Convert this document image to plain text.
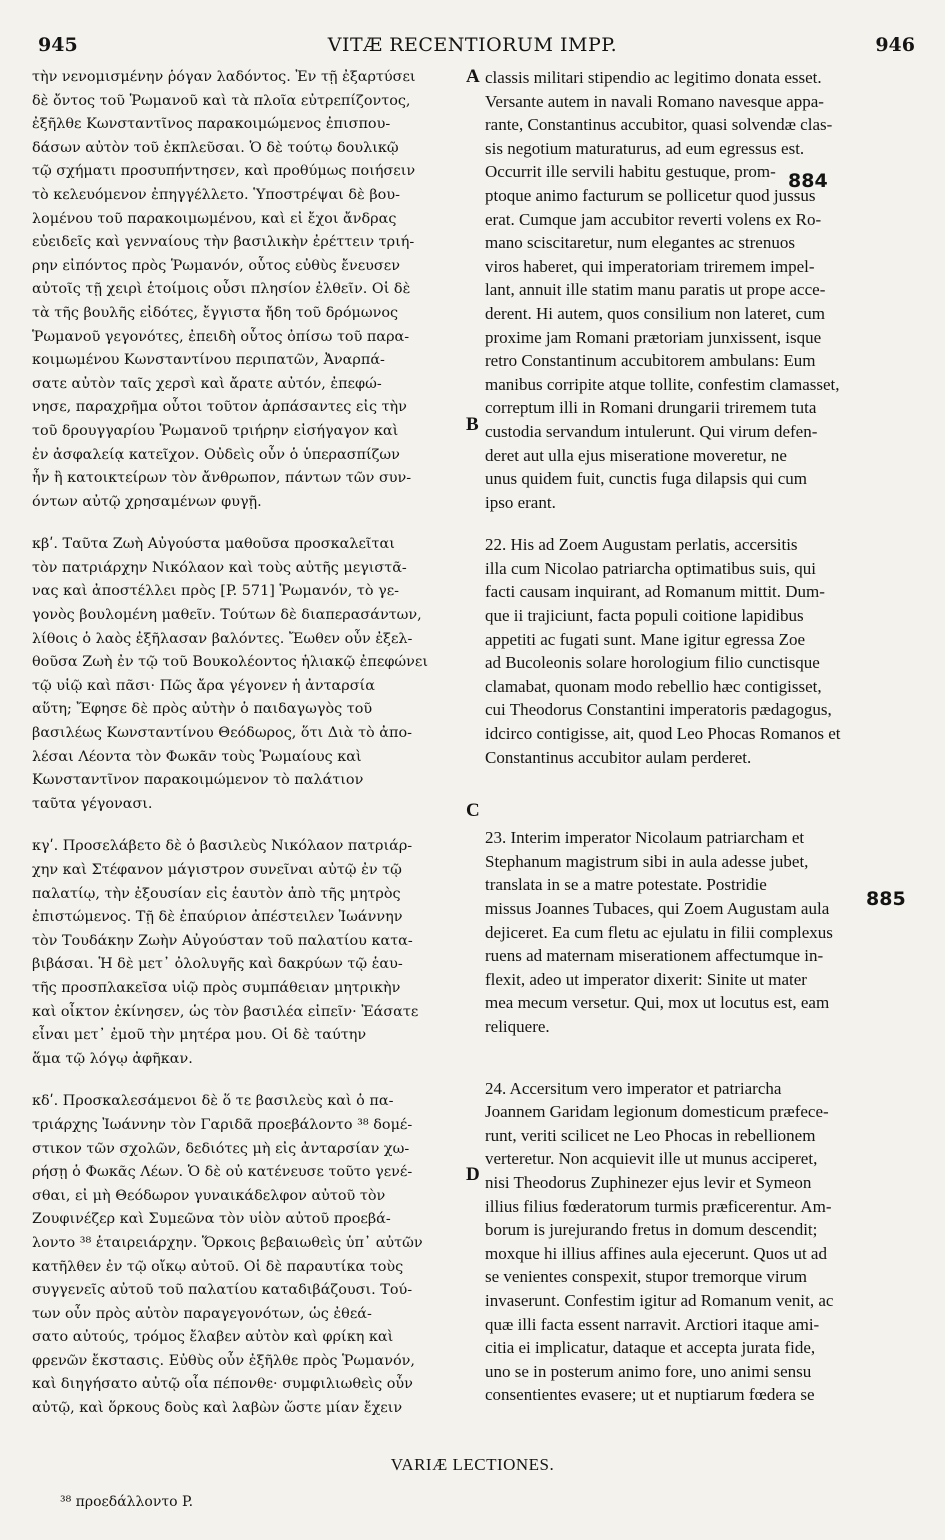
945	VITÆ RECENTIORUM IMPP.	946
τὴν νενομισμένην ῥόγαν λαδόντος. Ἐν τῇ ἐξαρτύσει
δὲ ὄντος τοῦ Ῥωμανοῦ καὶ τὰ πλοῖα εὐτρεπίζοντος,
ἐξῆλθε Κωνσταντῖνος παρακοιμώμενος ἐπισπου-
δάσων αὐτὸν τοῦ ἐκπλεῦσαι. Ὁ δὲ τούτῳ δουλικῷ
τῷ σχήματι προσυπήντησεν, καὶ προθύμως ποιήσειν
τὸ κελευόμενον ἐπηγγέλλετο. Ὑποστρέψαι δὲ βου-
λομένου τοῦ παρακοιμωμένου, καὶ εἰ ἔχοι ἄνδρας
εὐειδεῖς καὶ γενναίους τὴν βασιλικὴν ἐρέττειν τριή-
ρην εἰπόντος πρὸς Ῥωμανόν, οὗτος εὐθὺς ἔνευσεν
αὐτοῖς τῇ χειρὶ ἑτοίμοις οὖσι πλησίον ἐλθεῖν. Οἱ δὲ
τὰ τῆς βουλῆς εἰδότες, ἔγγιστα ἤδη τοῦ δρόμωνος
Ῥωμανοῦ γεγονότες, ἐπειδὴ οὗτος ὀπίσω τοῦ παρα-
κοιμωμένου Κωνσταντίνου περιπατῶν, Ἀναρπά-
σατε αὐτὸν ταῖς χερσὶ καὶ ἄρατε αὐτόν, ἐπεφώ-
νησε, παραχρῆμα οὗτοι τοῦτον ἁρπάσαντες εἰς τὴν
τοῦ δρουγγαρίου Ῥωμανοῦ τριήρην εἰσήγαγον καὶ
ἐν ἀσφαλείᾳ κατεῖχον. Οὐδεὶς οὖν ὁ ὑπερασπίζων
ἦν ἢ κατοικτείρων τὸν ἄνθρωπον, πάντων τῶν συν-
όντων αὐτῷ χρησαμένων φυγῇ.
κβʹ. Ταῦτα Ζωὴ Αὐγούστα μαθοῦσα προσκαλεῖται
τὸν πατριάρχην Νικόλαον καὶ τοὺς αὐτῆς μεγιστᾶ-
νας καὶ ἀποστέλλει πρὸς [P. 571] Ῥωμανόν, τὸ γε-
γονὸς βουλομένη μαθεῖν. Τούτων δὲ διαπερασάντων,
λίθοις ὁ λαὸς ἐξῆλασαν βαλόντες. Ἔωθεν οὖν ἐξελ-
θοῦσα Ζωὴ ἐν τῷ τοῦ Βουκολέοντος ἡλιακῷ ἐπεφώνει
τῷ υἱῷ καὶ πᾶσι· Πῶς ἄρα γέγονεν ἡ ἀνταρσία
αὕτη; Ἔφησε δὲ πρὸς αὐτὴν ὁ παιδαγωγὸς τοῦ
βασιλέως Κωνσταντίνου Θεόδωρος, ὅτι Διὰ τὸ ἀπο-
λέσαι Λέοντα τὸν Φωκᾶν τοὺς Ῥωμαίους καὶ
Κωνσταντῖνον παρακοιμώμενον τὸ παλάτιον
ταῦτα γέγονασι.
κγʹ. Προσελάβετο δὲ ὁ βασιλεὺς Νικόλαον πατριάρ-
χην καὶ Στέφανον μάγιστρον συνεῖναι αὐτῷ ἐν τῷ
παλατίῳ, τὴν ἐξουσίαν εἰς ἑαυτὸν ἀπὸ τῆς μητρὸς
ἐπιστώμενος. Τῇ δὲ ἐπαύριον ἀπέστειλεν Ἰωάννην
τὸν Τουδάκην Ζωὴν Αὐγούσταν τοῦ παλατίου κατα-
βιβάσαι. Ἡ δὲ μετ᾽ ὀλολυγῆς καὶ δακρύων τῷ ἑαυ-
τῆς προσπλακεῖσα υἱῷ πρὸς συμπάθειαν μητρικὴν
καὶ οἶκτον ἐκίνησεν, ὡς τὸν βασιλέα εἰπεῖν· Ἐάσατε
εἶναι μετ᾽ ἐμοῦ τὴν μητέρα μου. Οἱ δὲ ταύτην
ἅμα τῷ λόγῳ ἀφῆκαν.
κδʹ. Προσκαλεσάμενοι δὲ ὅ τε βασιλεὺς καὶ ὁ πα-
τριάρχης Ἰωάννην τὸν Γαριδᾶ προεβάλοντο ³⁸ δομέ-
στικον τῶν σχολῶν, δεδιότες μὴ εἰς ἀνταρσίαν χω-
ρήσῃ ὁ Φωκᾶς Λέων. Ὁ δὲ οὐ κατένευσε τοῦτο γενέ-
σθαι, εἰ μὴ Θεόδωρον γυναικάδελφον αὐτοῦ τὸν
Ζουφινέζερ καὶ Συμεῶνα τὸν υἱὸν αὐτοῦ προεβά-
λοντο ³⁸ ἑταιρειάρχην. Ὅρκοις βεβαιωθεὶς ὑπ᾽ αὐτῶν
κατῆλθεν ἐν τῷ οἴκῳ αὐτοῦ. Οἱ δὲ παραυτίκα τοὺς
συγγενεῖς αὐτοῦ τοῦ παλατίου καταδιβάζουσι. Τού-
των οὖν πρὸς αὐτὸν παραγεγονότων, ὡς ἐθεά-
σατο αὐτούς, τρόμος ἔλαβεν αὐτὸν καὶ φρίκη καὶ
φρενῶν ἔκστασις. Εὐθὺς οὖν ἐξῆλθε πρὸς Ῥωμανόν,
καὶ διηγήσατο αὐτῷ οἷα πέπονθε· συμφιλιωθεὶς οὖν
αὐτῷ, καὶ ὅρκους δοὺς καὶ λαβὼν ὥστε μίαν ἔχειν
classis militari stipendio ac legitimo donata esset.
Versante autem in navali Romano navesque appa-
rante, Constantinus accubitor, quasi solvendæ clas-
sis negotium maturaturus, ad eum egressus est.
Occurrit ille servili habitu gestuque, prom-
ptoque animo facturum se pollicetur quod jussus
erat. Cumque jam accubitor reverti volens ex Ro-
mano sciscitaretur, num elegantes ac strenuos
viros haberet, qui imperatoriam triremem impel-
lant, annuit ille statim manu paratis ut prope acce-
derent. Hi autem, quos consilium non lateret, cum
proxime jam Romani prætoriam junxissent, isque
retro Constantinum accubitorem ambulans: Eum
manibus corripite atque tollite, confestim clamasset,
correptum illi in Romani drungarii triremem tuta
custodia servandum intulerunt. Qui virum defen-
deret aut ulla ejus miseratione moveretur, ne
unus quidem fuit, cunctis fuga dilapsis qui cum
ipso erant.
22. His ad Zoem Augustam perlatis, accersitis
illa cum Nicolao patriarcha optimatibus suis, qui
facti causam inquirant, ad Romanum mittit. Dum-
que ii trajiciunt, facta populi coitione lapidibus
appetiti ac fugati sunt. Mane igitur egressa Zoe
ad Bucoleonis solare horologium filio cunctisque
clamabat, quonam modo rebellio hæc contigisset,
cui Theodorus Constantini imperatoris pædagogus,
idcirco contigisse, ait, quod Leo Phocas Romanos et
Constantinus accubitor aulam perderet.
23. Interim imperator Nicolaum patriarcham et
Stephanum magistrum sibi in aula adesse jubet,
translata in se a matre potestate. Postridie
missus Joannes Tubaces, qui Zoem Augustam aula
dejiceret. Ea cum fletu ac ejulatu in filii complexus
ruens ad maternam miserationem affectumque in-
flexit, adeo ut imperator dixerit: Sinite ut mater
mea mecum versetur. Qui, mox ut locutus est, eam
reliquere.
24. Accersitum vero imperator et patriarcha
Joannem Garidam legionum domesticum præfece-
runt, veriti scilicet ne Leo Phocas in rebellionem
verteretur. Non acquievit ille ut munus acciperet,
nisi Theodorus Zuphinezer ejus levir et Symeon
illius filius fœderatorum turmis præficerentur. Am-
borum is jurejurando fretus in domum descendit;
moxque hi illius affines aula ejecerunt. Quos ut ad
se venientes conspexit, stupor tremorque virum
invaserunt. Confestim igitur ad Romanum venit, ac
quæ illi facta essent narravit. Arctiori itaque ami-
citia ei implicatur, dataque et accepta jurata fide,
uno se in posterum animo fore, uno animi sensu
consentientes evasere; ut et nuptiarum fœdera se
A
B
C
D
884
885
VARIÆ LECTIONES.
³⁸ προεδάλλοντο P.
